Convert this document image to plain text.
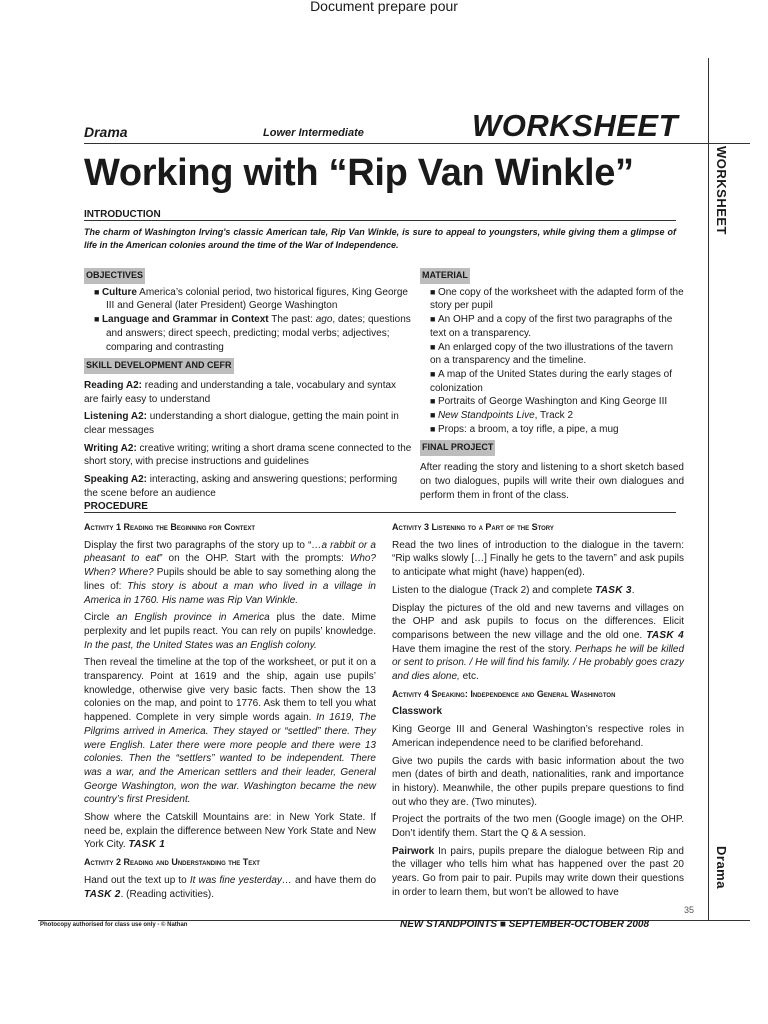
Document prepare pour
Drama	Lower Intermediate	WORKSHEET
WORKSHEET
Drama
Working with “Rip Van Winkle”
INTRODUCTION
The charm of Washington Irving's classic American tale, Rip Van Winkle, is sure to appeal to youngsters, while giving them a glimpse of life in the American colonies around the time of the War of Independence.
OBJECTIVES
■ Culture America’s colonial period, two historical figures, King George III and General (later President) George Washington
■ Language and Grammar in Context The past: ago, dates; questions and answers; direct speech, predicting; modal verbs; adjectives; comparing and contrasting
SKILL DEVELOPMENT AND CEFR

Reading A2: reading and understanding a tale, vocabulary and syntax are fairly easy to understand

Listening A2: understanding a short dialogue, getting the main point in clear messages

Writing A2: creative writing; writing a short drama scene connected to the short story, with precise instructions and guidelines

Speaking A2: interacting, asking and answering questions; performing the scene before an audience

MATERIAL
■ One copy of the worksheet with the adapted form of the story per pupil
■ An OHP and a copy of the first two paragraphs of the text on a transparency.
■ An enlarged copy of the two illustrations of the tavern on a transparency and the timeline.
■ A map of the United States during the early stages of colonization
■ Portraits of George Washington and King George III
■ New Standpoints Live, Track 2
■ Props: a broom, a toy rifle, a pipe, a mug
FINAL PROJECT

After reading the story and listening to a short sketch based on two dialogues, pupils will write their own dialogues and perform them in front of the class.

PROCEDURE
Activity 1 Reading the Beginning for Context

Display the first two paragraphs of the story up to “…a rabbit or a pheasant to eat” on the OHP. Start with the prompts: Who? When? Where? Pupils should be able to say something along the lines of: This story is about a man who lived in a village in America in 1760. His name was Rip Van Winkle.

Circle an English province in America plus the date. Mime perplexity and let pupils react. You can rely on pupils’ knowledge. In the past, the United States was an English colony.

Then reveal the timeline at the top of the worksheet, or put it on a transparency. Point at 1619 and the ship, again use pupils’ knowledge, otherwise give very basic facts. Then show the 13 colonies on the map, and point to 1776. Ask them to tell you what happened. Complete in very simple words again. In 1619, The Pilgrims arrived in America. They stayed or “settled” there. They were English. Later there were more people and there were 13 colonies. Then the “settlers” wanted to be independent. There was a war, and the American settlers and their leader, General George Washington, won the war. Washington became the new country’s first President.

Show where the Catskill Mountains are: in New York State. If need be, explain the difference between New York State and New York City. TASK 1

Activity 2 Reading and Understanding the Text

Hand out the text up to It was fine yesterday… and have them do TASK 2. (Reading activities).

Activity 3 Listening to a Part of the Story

Read the two lines of introduction to the dialogue in the tavern: “Rip walks slowly […] Finally he gets to the tavern” and ask pupils to anticipate what might (have) happen(ed).

Listen to the dialogue (Track 2) and complete TASK 3.

Display the pictures of the old and new taverns and villages on the OHP and ask pupils to focus on the differences. Elicit comparisons between the new village and the old one. TASK 4 Have them imagine the rest of the story. Perhaps he will be killed or sent to prison. / He will find his family. / He probably goes crazy and dies alone, etc.

Activity 4 Speaking: Independence and General Washington

Classwork

King George III and General Washington’s respective roles in American independence need to be clarified beforehand.

Give two pupils the cards with basic information about the two men (dates of birth and death, nationalities, rank and importance in history). Meanwhile, the other pupils prepare questions to find out who they are. (Two minutes).

Project the portraits of the two men (Google image) on the OHP. Don’t identify them. Start the Q & A session.

Pairwork In pairs, pupils prepare the dialogue between Rip and the villager who tells him what has happened over the past 20 years. Go from pair to pair. Pupils may write down their questions in order to learn them, but won’t be allowed to have

35
Photocopy authorised for class use only - © Nathan	NEW STANDPOINTS ■ SEPTEMBER-OCTOBER 2008
